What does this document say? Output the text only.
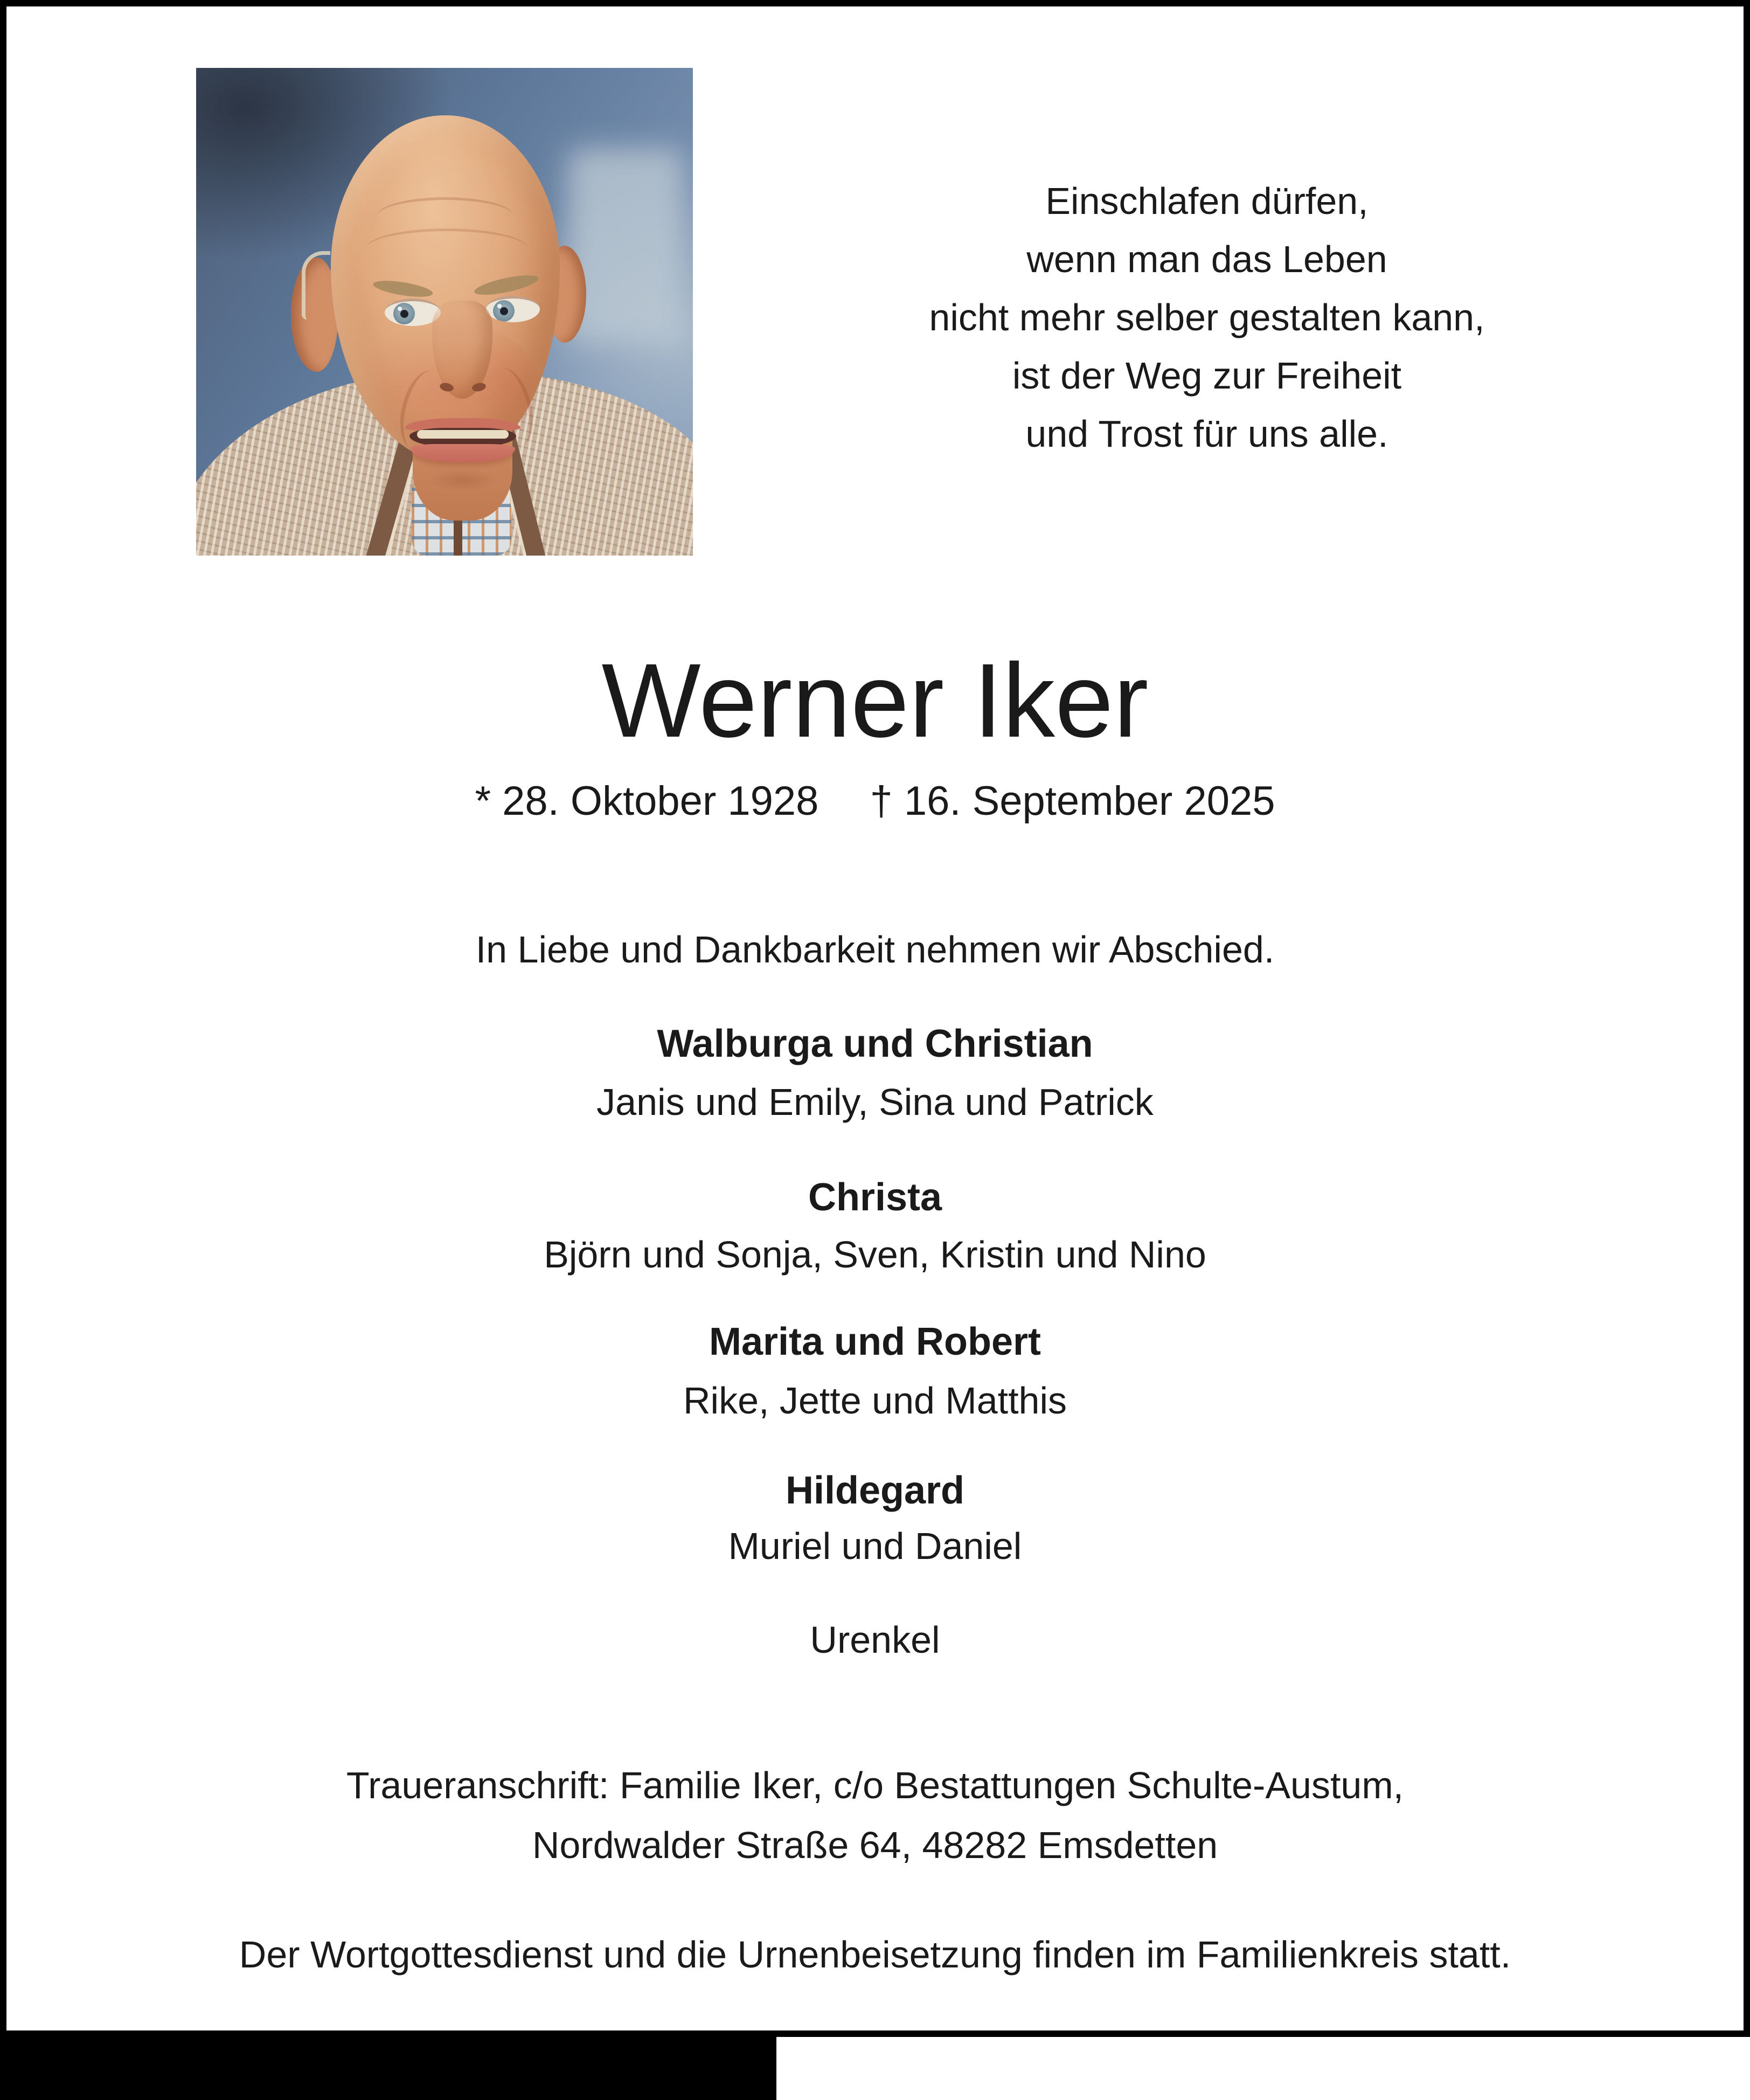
Einschlafen dürfen,
wenn man das Leben
nicht mehr selber gestalten kann,
ist der Weg zur Freiheit
und Trost für uns alle.
Werner Iker
* 28. Oktober 1928 † 16. September 2025
In Liebe und Dankbarkeit nehmen wir Abschied.
Walburga und Christian
Janis und Emily, Sina und Patrick
Christa
Björn und Sonja, Sven, Kristin und Nino
Marita und Robert
Rike, Jette und Matthis
Hildegard
Muriel und Daniel
Urenkel
Traueranschrift: Familie Iker, c/o Bestattungen Schulte-Austum,
Nordwalder Straße 64, 48282 Emsdetten
Der Wortgottesdienst und die Urnenbeisetzung finden im Familienkreis statt.
